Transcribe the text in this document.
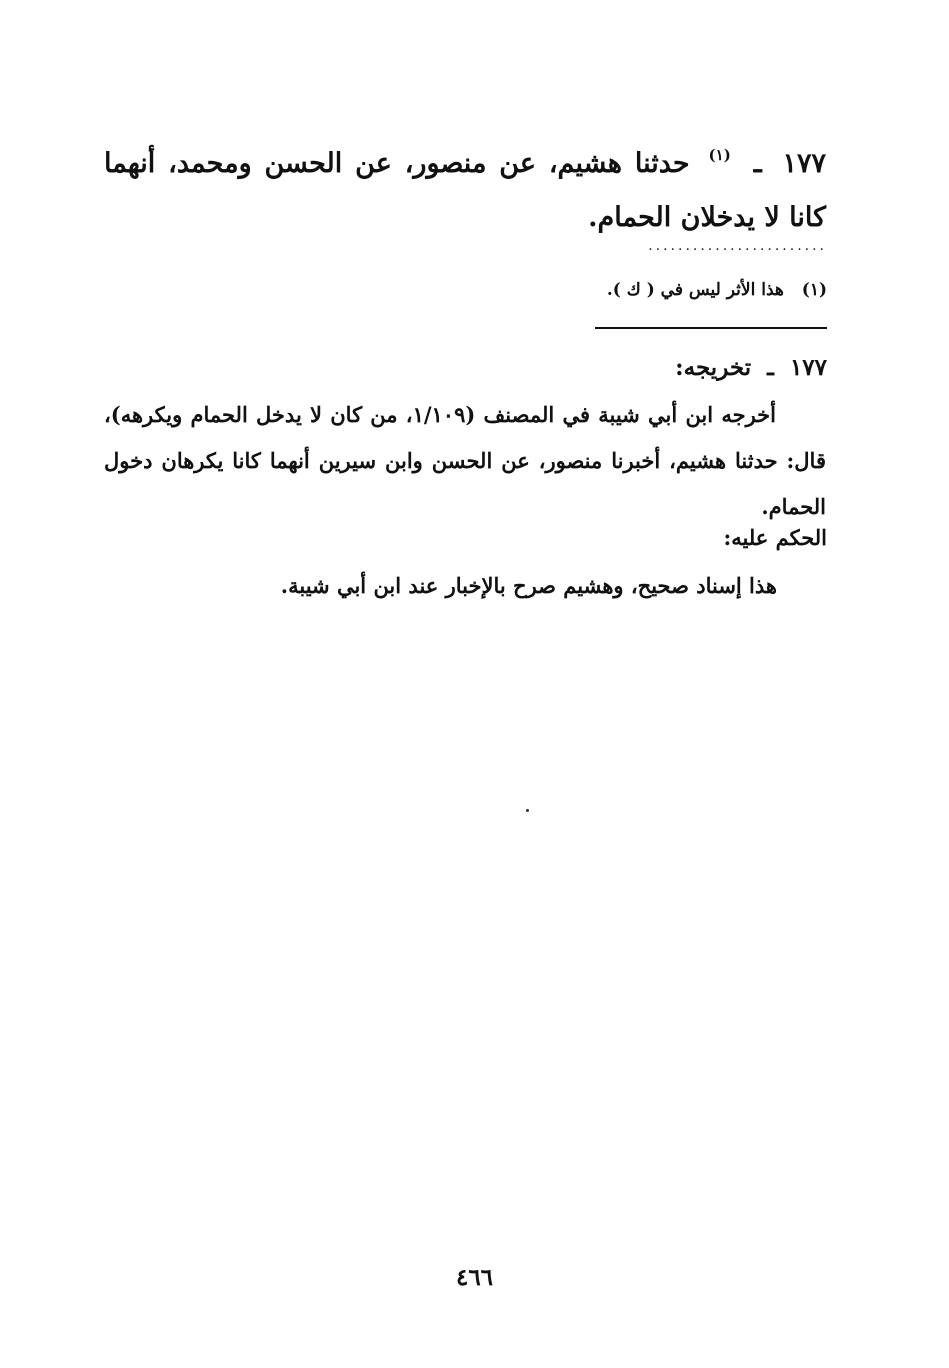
١٧٧ ـ $^{(١)}$ حدثنا هشيم، عن منصور، عن الحسن ومحمد، أنهما كانا لا يدخلان الحمام.

........................
(١) هذا الأثر ليس في ( ك ).
١٧٧ ـ تخريجه:

أخرجه ابن أبي شيبة في المصنف (١/١٠٩، من كان لا يدخل الحمام ويكرهه)، قال: حدثنا هشيم، أخبرنا منصور، عن الحسن وابن سيرين أنهما كانا يكرهان دخول الحمام.

الحكم عليه:
هذا إسناد صحيح، وهشيم صرح بالإخبار عند ابن أبي شيبة.
٤٦٦
